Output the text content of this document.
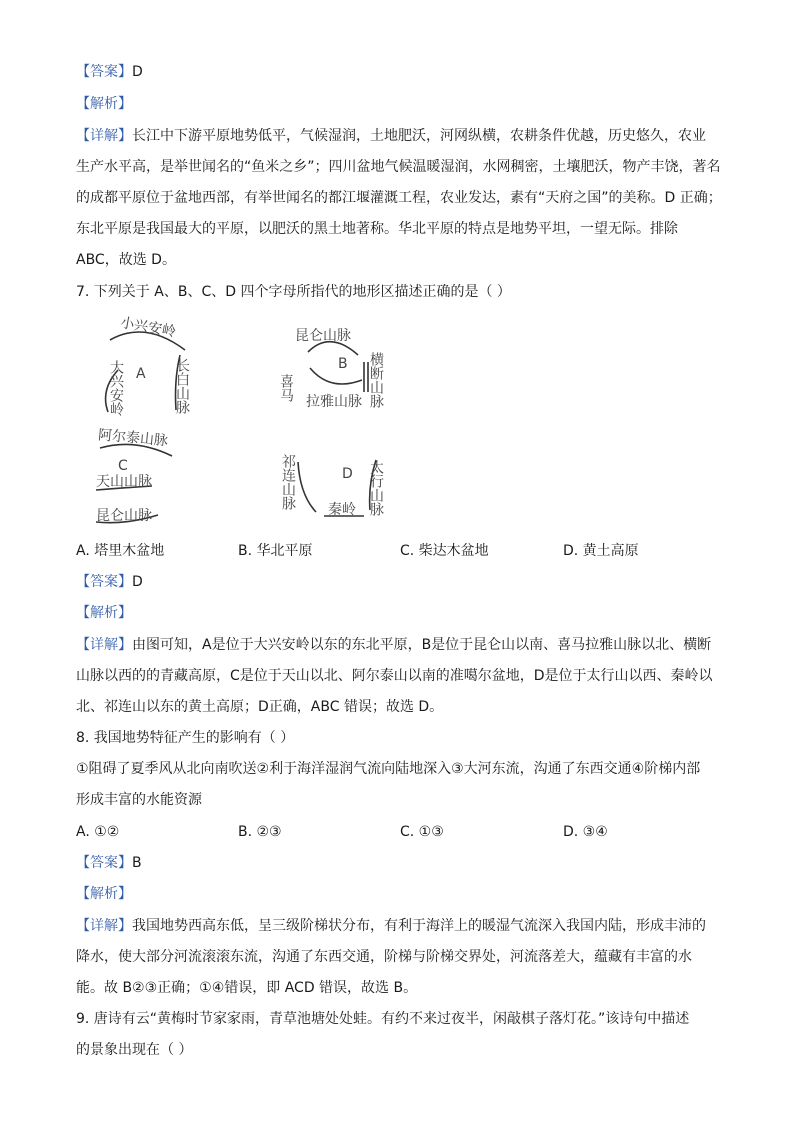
【答案】D
【解析】
【详解】长江中下游平原地势低平，气候湿润，土地肥沃，河网纵横，农耕条件优越，历史悠久，农业
生产水平高，是举世闻名的“鱼米之乡”；四川盆地气候温暖湿润，水网稠密，土壤肥沃，物产丰饶，著名
的成都平原位于盆地西部，有举世闻名的都江堰灌溉工程，农业发达，素有“天府之国”的美称。D 正确；
东北平原是我国最大的平原，以肥沃的黑土地著称。华北平原的特点是地势平坦，一望无际。排除
ABC，故选 D。
7. 下列关于 A、B、C、D 四个字母所指代的地形区描述正确的是（ ）
小兴安岭
大兴安岭	长白山脉
A
昆仑山脉
喜马 拉雅山脉 横断山脉
B
阿尔泰山脉
C
天山山脉
昆仑山脉
祁连山脉	D
秦岭 太行山脉
A. 塔里木盆地	B. 华北平原	C. 柴达木盆地	D. 黄土高原
【答案】D
【解析】
【详解】由图可知，A是位于大兴安岭以东的东北平原，B是位于昆仑山以南、喜马拉雅山脉以北、横断
山脉以西的的青藏高原，C是位于天山以北、阿尔泰山以南的准噶尔盆地，D是位于太行山以西、秦岭以
北、祁连山以东的黄土高原；D正确，ABC 错误；故选 D。
8. 我国地势特征产生的影响有（ ）
①阻碍了夏季风从北向南吹送②利于海洋湿润气流向陆地深入③大河东流，沟通了东西交通④阶梯内部
形成丰富的水能资源
A. ①②	B. ②③	C. ①③	D. ③④
【答案】B
【解析】
【详解】我国地势西高东低，呈三级阶梯状分布，有利于海洋上的暖湿气流深入我国内陆，形成丰沛的
降水，使大部分河流滚滚东流，沟通了东西交通，阶梯与阶梯交界处，河流落差大，蕴藏有丰富的水
能。故 B②③正确；①④错误，即 ACD 错误，故选 B。
9. 唐诗有云“黄梅时节家家雨，青草池塘处处蛙。有约不来过夜半，闲敲棋子落灯花。”该诗句中描述
的景象出现在（ ）
